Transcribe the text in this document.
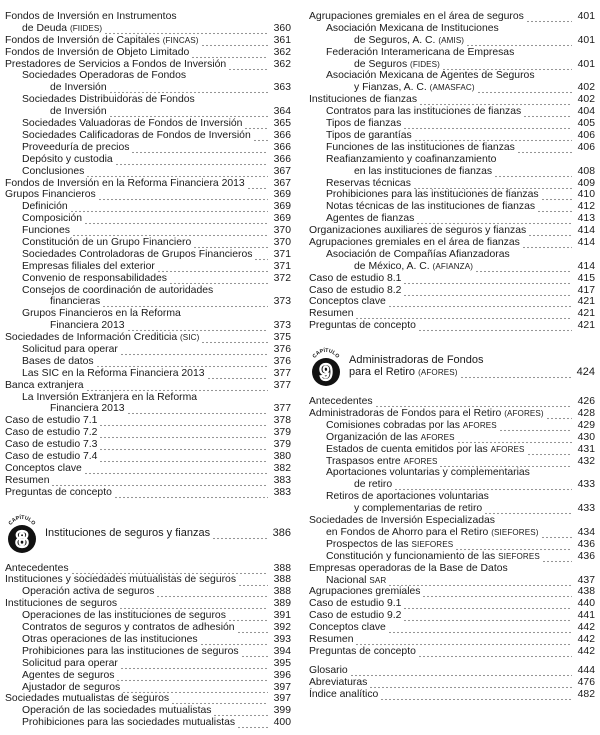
Fondos de Inversión en Instrumentos
de Deuda (FIIDES)	360
Fondos de Inversión de Capitales (FINCAS)	361
Fondos de Inversión de Objeto Limitado	362
Prestadores de Servicios a Fondos de Inversión	362
Sociedades Operadoras de Fondos
de Inversión	363
Sociedades Distribuidoras de Fondos
de Inversión	364
Sociedades Valuadoras de Fondos de Inversión	365
Sociedades Calificadoras de Fondos de Inversión 366
Proveeduría de precios	366
Depósito y custodia	366
Conclusiones	367
Fondos de Inversión en la Reforma Financiera 2013	367
Grupos Financieros	369
Definición	369
Composición	369
Funciones	370
Constitución de un Grupo Financiero	370
Sociedades Controladoras de Grupos Financieros 371
Empresas filiales del exterior	371
Convenio de responsabilidades	372
Consejos de coordinación de autoridades
financieras	373
Grupos Financieros en la Reforma
Financiera 2013	373
Sociedades de Información Crediticia (SIC)	375
Solicitud para operar	376
Bases de datos	376
Las SIC en la Reforma Financiera 2013	377
Banca extranjera	377
La Inversión Extranjera en la Reforma
Financiera 2013	377
Caso de estudio 7.1	378
Caso de estudio 7.2	379
Caso de estudio 7.3	379
Caso de estudio 7.4	380
Conceptos clave	382
Resumen	383
Preguntas de concepto	383
CAPÍTULO
8 Instituciones de seguros y fianzas	386
Antecedentes	388
Instituciones y sociedades mutualistas de seguros	388
Operación activa de seguros	388
Instituciones de seguros	389
Operaciones de las instituciones de seguros	391
Contratos de seguros y contratos de adhesión	392
Otras operaciones de las instituciones	393
Prohibiciones para las instituciones de seguros	394
Solicitud para operar	395
Agentes de seguros	396
Ajustador de seguros	397
Sociedades mutualistas de seguros	397
Operación de las sociedades mutualistas	399
Prohibiciones para las sociedades mutualistas	400
Agrupaciones gremiales en el área de seguros	401
Asociación Mexicana de Instituciones
de Seguros, A. C. (AMIS)	401
Federación Interamericana de Empresas
de Seguros (FIDES)	401
Asociación Mexicana de Agentes de Seguros
y Fianzas, A. C. (AMASFAC)	402
Instituciones de fianzas	402
Contratos para las instituciones de fianzas	404
Tipos de fianzas	405
Tipos de garantías	406
Funciones de las instituciones de fianzas	406
Reafianzamiento y coafinanzamiento
en las instituciones de fianzas	408
Reservas técnicas	409
Prohibiciones para las instituciones de fianzas	410
Notas técnicas de las instituciones de fianzas	412
Agentes de fianzas	413
Organizaciones auxiliares de seguros y fianzas	414
Agrupaciones gremiales en el área de fianzas	414
Asociación de Compañías Afianzadoras
de México, A. C. (AFIANZA)	414
Caso de estudio 8.1	415
Caso de estudio 8.2	417
Conceptos clave	421
Resumen	421
Preguntas de concepto	421
CAPÍTULO
9 Administradoras de Fondos
para el Retiro (AFORES)	424
Antecedentes	426
Administradoras de Fondos para el Retiro (AFORES)	428
Comisiones cobradas por las AFORES	429
Organización de las AFORES	430
Estados de cuenta emitidos por las AFORES	431
Traspasos entre AFORES	432
Aportaciones voluntarias y complementarias
de retiro	433
Retiros de aportaciones voluntarias
y complementarias de retiro	433
Sociedades de Inversión Especializadas
en Fondos de Ahorro para el Retiro (SIEFORES)	434
Prospectos de las SIEFORES	436
Constitución y funcionamiento de las SIEFORES	436
Empresas operadoras de la Base de Datos
Nacional SAR	437
Agrupaciones gremiales	438
Caso de estudio 9.1	440
Caso de estudio 9.2	441
Conceptos clave	442
Resumen	442
Preguntas de concepto	442
Glosario	444
Abreviaturas	476
Índice analítico	482
